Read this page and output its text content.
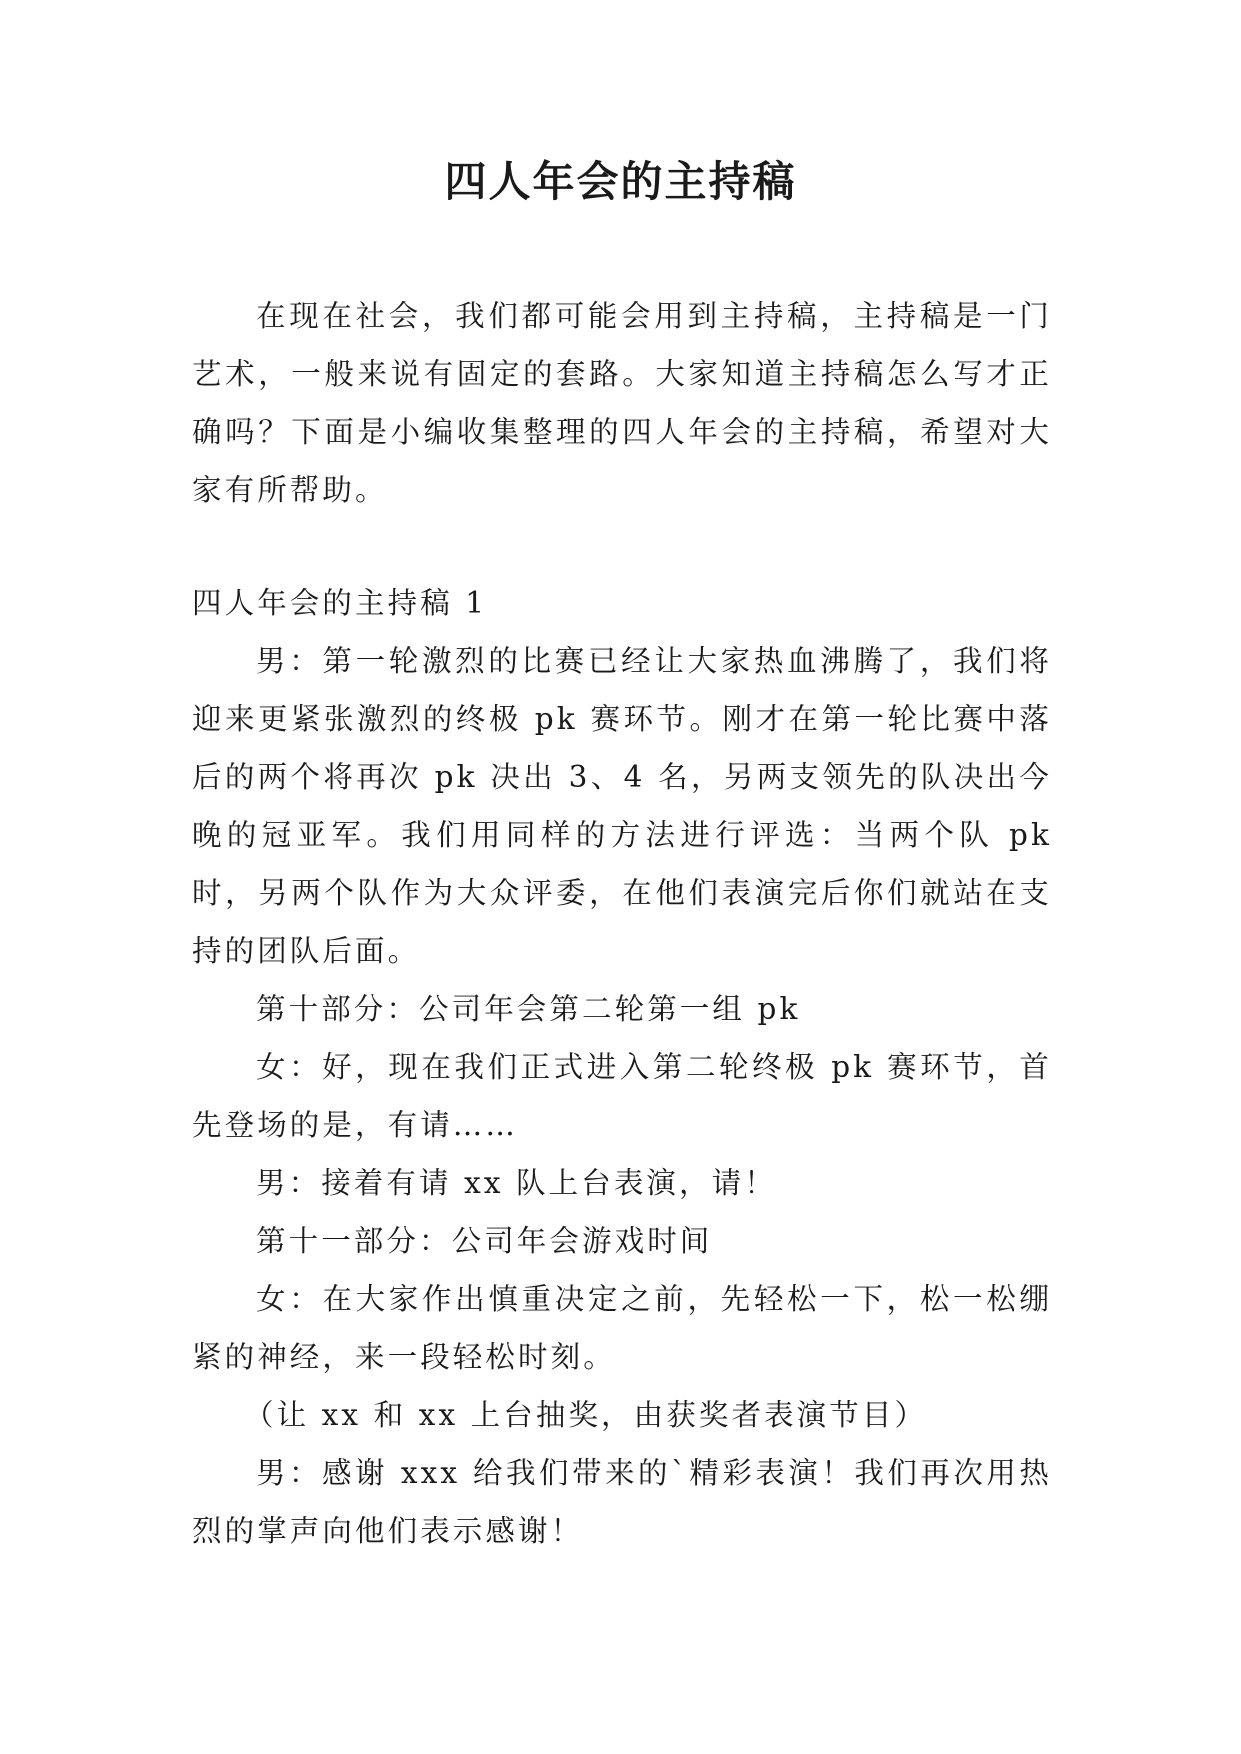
四人年会的主持稿

在现在社会，我们都可能会用到主持稿，主持稿是一门艺术，一般来说有固定的套路。大家知道主持稿怎么写才正确吗？下面是小编收集整理的四人年会的主持稿，希望对大家有所帮助。

四人年会的主持稿 1

男：第一轮激烈的比赛已经让大家热血沸腾了，我们将迎来更紧张激烈的终极 pk 赛环节。刚才在第一轮比赛中落后的两个将再次 pk 决出 3、4 名，另两支领先的队决出今晚的冠亚军。我们用同样的方法进行评选：当两个队 pk 时，另两个队作为大众评委，在他们表演完后你们就站在支持的团队后面。

第十部分：公司年会第二轮第一组 pk

女：好，现在我们正式进入第二轮终极 pk 赛环节，首先登场的是，有请……

男：接着有请 xx 队上台表演，请！

第十一部分：公司年会游戏时间

女：在大家作出慎重决定之前，先轻松一下，松一松绷紧的神经，来一段轻松时刻。

（让 xx 和 xx 上台抽奖，由获奖者表演节目）

男：感谢 xxx 给我们带来的`精彩表演！我们再次用热烈的掌声向他们表示感谢！
